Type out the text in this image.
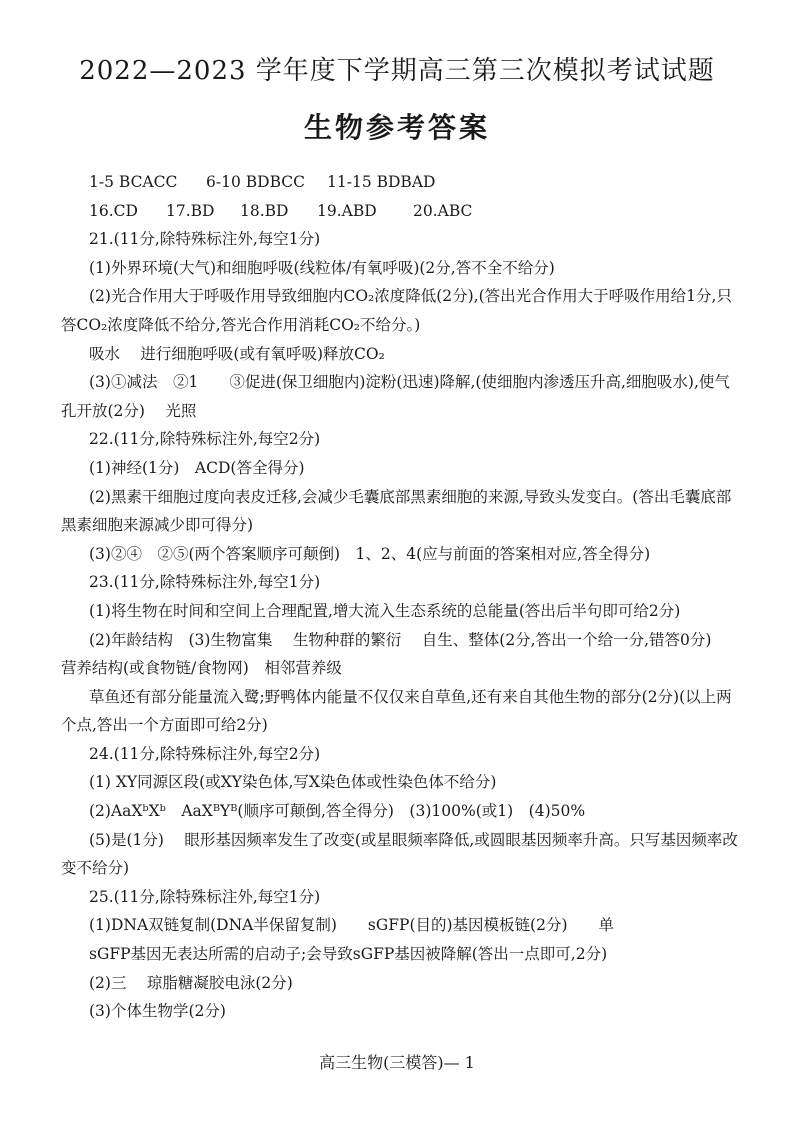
2022—2023 学年度下学期高三第三次模拟考试试题
生物参考答案
1-5 BCACC	6-10 BDBCC	11-15 BDBAD
16.CD	17.BD	18.BD	19.ABD	20.ABC

21.(11分,除特殊标注外,每空1分)

(1)外界环境(大气)和细胞呼吸(线粒体/有氧呼吸)(2分,答不全不给分)

(2)光合作用大于呼吸作用导致细胞内CO₂浓度降低(2分),(答出光合作用大于呼吸作用给1分,只答CO₂浓度降低不给分,答光合作用消耗CO₂不给分。)

吸水　 进行细胞呼吸(或有氧呼吸)释放CO₂

(3)①减法　②1　　③促进(保卫细胞内)淀粉(迅速)降解,(使细胞内渗透压升高,细胞吸水),使气孔开放(2分)　 光照

22.(11分,除特殊标注外,每空2分)

(1)神经(1分)　ACD(答全得分)

(2)黑素干细胞过度向表皮迁移,会减少毛囊底部黑素细胞的来源,导致头发变白。(答出毛囊底部黑素细胞来源减少即可得分)

(3)②④　②⑤(两个答案顺序可颠倒)　1、2、4(应与前面的答案相对应,答全得分)

23.(11分,除特殊标注外,每空1分)

(1)将生物在时间和空间上合理配置,增大流入生态系统的总能量(答出后半句即可给2分)

(2)年龄结构　(3)生物富集　 生物种群的繁衍　 自生、整体(2分,答出一个给一分,错答0分)　营养结构(或食物链/食物网)　相邻营养级

草鱼还有部分能量流入鹭;野鸭体内能量不仅仅来自草鱼,还有来自其他生物的部分(2分)(以上两个点,答出一个方面即可给2分)

24.(11分,除特殊标注外,每空2分)

(1) XY同源区段(或XY染色体,写X染色体或性染色体不给分)

(2)AaXᵇXᵇ　AaXᴮYᴮ(顺序可颠倒,答全得分)　(3)100%(或1)　(4)50%

(5)是(1分)　 眼形基因频率发生了改变(或星眼频率降低,或圆眼基因频率升高。只写基因频率改变不给分)

25.(11分,除特殊标注外,每空1分)

(1)DNA双链复制(DNA半保留复制)　　sGFP(目的)基因模板链(2分)　　单

sGFP基因无表达所需的启动子;会导致sGFP基因被降解(答出一点即可,2分)

(2)三　 琼脂糖凝胶电泳(2分)

(3)个体生物学(2分)

高三生物(三模答)— 1
